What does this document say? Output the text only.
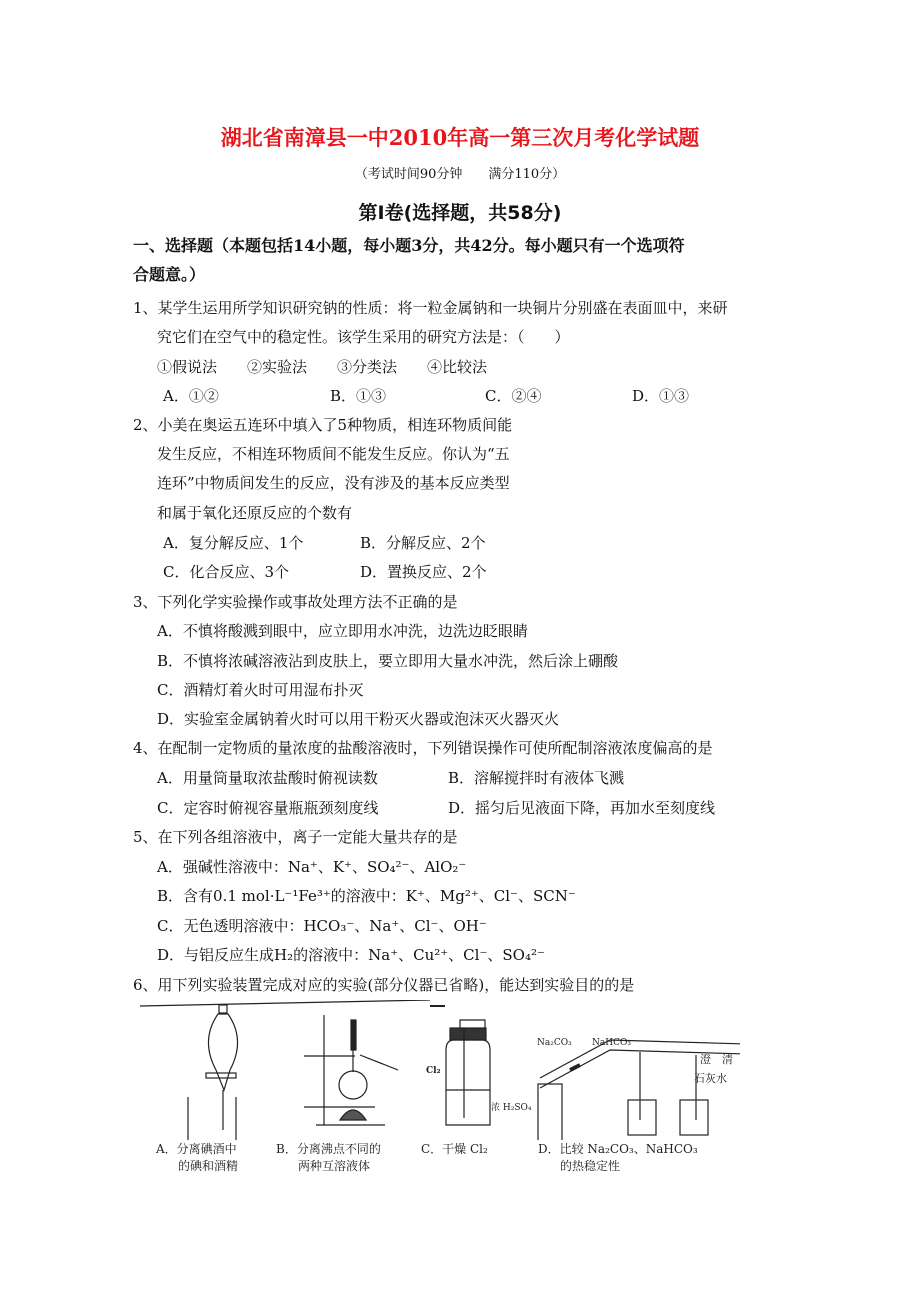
湖北省南漳县一中2010年高一第三次月考化学试题
（考试时间90分钟　　满分110分）
第I卷(选择题，共58分)
一、选择题（本题包括14小题，每小题3分，共42分。每小题只有一个选项符
合题意。）
1、某学生运用所学知识研究钠的性质：将一粒金属钠和一块铜片分别盛在表面皿中，来研
究它们在空气中的稳定性。该学生采用的研究方法是：（　　）
①假说法　　②实验法　　③分类法　　④比较法
A．①②	B．①③	C．②④	D．①③
2、小美在奥运五连环中填入了5种物质，相连环物质间能
发生反应，不相连环物质间不能发生反应。你认为“五
连环”中物质间发生的反应，没有涉及的基本反应类型
和属于氧化还原反应的个数有
A．复分解反应、1个	B．分解反应、2个
C．化合反应、3个	D．置换反应、2个
3、下列化学实验操作或事故处理方法不正确的是
A．不慎将酸溅到眼中，应立即用水冲洗，边洗边眨眼睛
B．不慎将浓碱溶液沾到皮肤上，要立即用大量水冲洗，然后涂上硼酸
C．酒精灯着火时可用湿布扑灭
D．实验室金属钠着火时可以用干粉灭火器或泡沫灭火器灭火
4、在配制一定物质的量浓度的盐酸溶液时，下列错误操作可使所配制溶液浓度偏高的是
A．用量筒量取浓盐酸时俯视读数	B．溶解搅拌时有液体飞溅
C．定容时俯视容量瓶瓶颈刻度线	D．摇匀后见液面下降，再加水至刻度线
5、在下列各组溶液中，离子一定能大量共存的是
A．强碱性溶液中：Na⁺、K⁺、SO₄²⁻、AlO₂⁻
B．含有0.1 mol·L⁻¹Fe³⁺的溶液中：K⁺、Mg²⁺、Cl⁻、SCN⁻
C．无色透明溶液中：HCO₃⁻、Na⁺、Cl⁻、OH⁻
D．与铝反应生成H₂的溶液中：Na⁺、Cu²⁺、Cl⁻、SO₄²⁻
6、用下列实验装置完成对应的实验(部分仪器已省略)，能达到实验目的的是
Cl₂
浓 H₂SO₄
Na₂CO₃ NaHCO₃
澄　清
石灰水
A．分离碘酒中
的碘和酒精
B．分离沸点不同的
两种互溶液体
C．干燥 Cl₂	D．比较 Na₂CO₃、NaHCO₃
的热稳定性
